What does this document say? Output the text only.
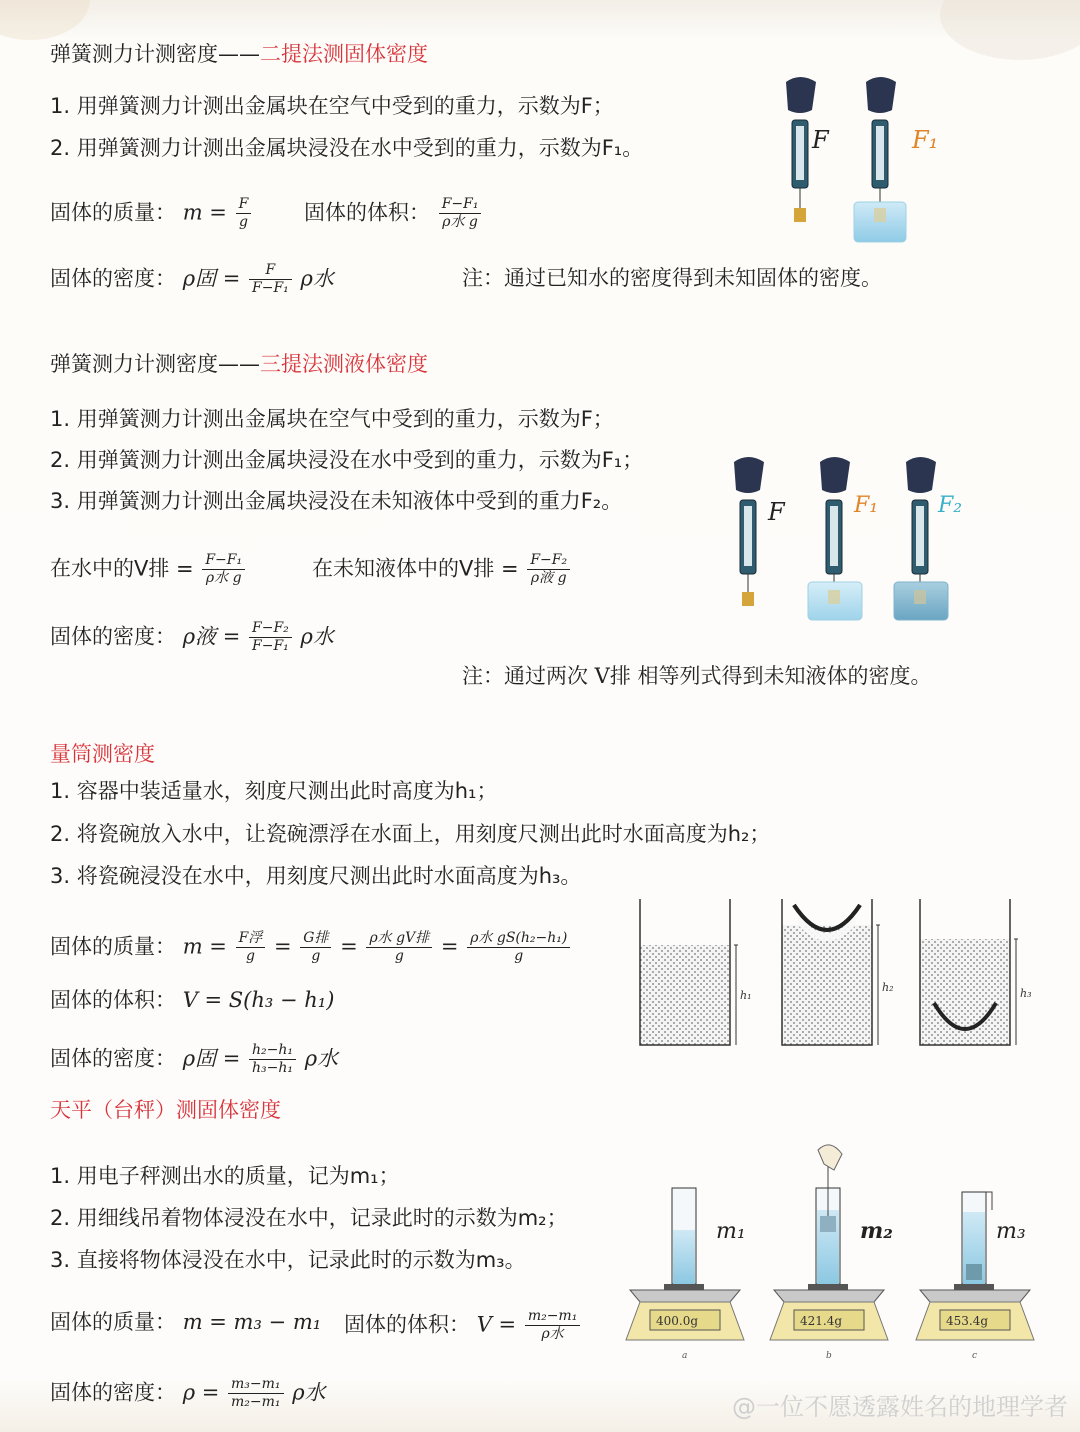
弹簧测力计测密度——二提法测固体密度
1. 用弹簧测力计测出金属块在空气中受到的重力，示数为F；
2. 用弹簧测力计测出金属块浸没在水中受到的重力，示数为F₁。
固体的质量： $m = \frac{F}{g}$	固体的体积： $\frac{\text{F−F₁}}{\text{ρ水 g}}$
固体的密度： ρ固 = $\frac{F}{\text{F−F₁}}$ ρ水	注：通过已知水的密度得到未知固体的密度。
F	F₁
弹簧测力计测密度——三提法测液体密度
1. 用弹簧测力计测出金属块在空气中受到的重力，示数为F；
2. 用弹簧测力计测出金属块浸没在水中受到的重力，示数为F₁；
3. 用弹簧测力计测出金属块浸没在未知液体中受到的重力F₂。
在水中的V排 = $\frac{\text{F−F₁}}{\text{ρ水 g}}$	在未知液体中的V排 = $\frac{\text{F−F₂}}{\text{ρ液 g}}$
固体的密度： ρ液 = $\frac{\text{F−F₂}}{\text{F−F₁}}$ ρ水
注：通过两次 V排 相等列式得到未知液体的密度。
F	F₁	F₂
量筒测密度
1. 容器中装适量水，刻度尺测出此时高度为h₁；
2. 将瓷碗放入水中，让瓷碗漂浮在水面上，用刻度尺测出此时水面高度为h₂；
3. 将瓷碗浸没在水中，用刻度尺测出此时水面高度为h₃。
固体的质量： $m = \frac{\text{F浮}}{g} = \frac{\text{G排}}{g} = \frac{\text{ρ水 gV排}}{g} = \frac{\text{ρ水 gS(h₂−h₁)}}{g}$
固体的体积： V = S(h₃ − h₁)
固体的密度： ρ固 = $\frac{\text{h₂−h₁}}{\text{h₃−h₁}}$ ρ水
h₁
h₂	h₃
天平（台秤）测固体密度
1. 用电子秤测出水的质量，记为m₁；
2. 用细线吊着物体浸没在水中，记录此时的示数为m₂；
3. 直接将物体浸没在水中，记录此时的示数为m₃。
固体的质量： m = m₃ − m₁ 固体的体积： $V = \frac{\text{m₂−m₁}}{\text{ρ水}}$
固体的密度： $\rho = \frac{\text{m₃−m₁}}{\text{m₂−m₁}}$ ρ水
400.0g
m₁
a
421.4g
m₂
b
453.4g
m₃
c
@一位不愿透露姓名的地理学者
